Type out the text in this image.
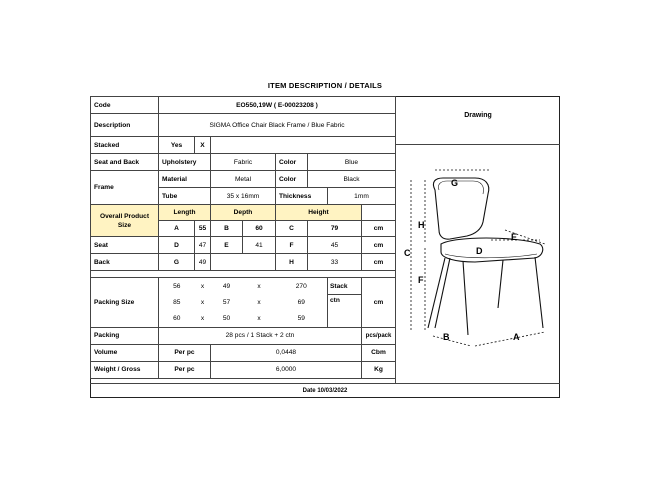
ITEM DESCRIPTION / DETAILS
Code	EO550,19W ( E-00023208 )							
Description	SIGMA Office Chair Black Frame / Blue Fabric							
Stacked	Yes	X						
Seat and Back	Upholstery		Fabric		Color	Blue		
Frame	Material		Metal		Color	Black		
	Tube		35 x 16mm		Thickness		1mm	
Overall Product Size	Length		Depth		Height			
	A	55	B	60	C	79		cm
Seat	D	47	E	41	F	45		cm
Back	G	49			H	33		cm

Packing Size	56	x	49	x	270		Stack	cm
	85	x	57	x	69		ctn	
	60	x	50	x	59			
Packing	28 pcs / 1 Stack + 2 ctn							pcs/pack
Volume	Per pc		0,0448					Cbm
Weight / Gross	Per pc		6,0000					Kg
Drawing
G
H
C
E
D
F
B	A
Date 10/03/2022
